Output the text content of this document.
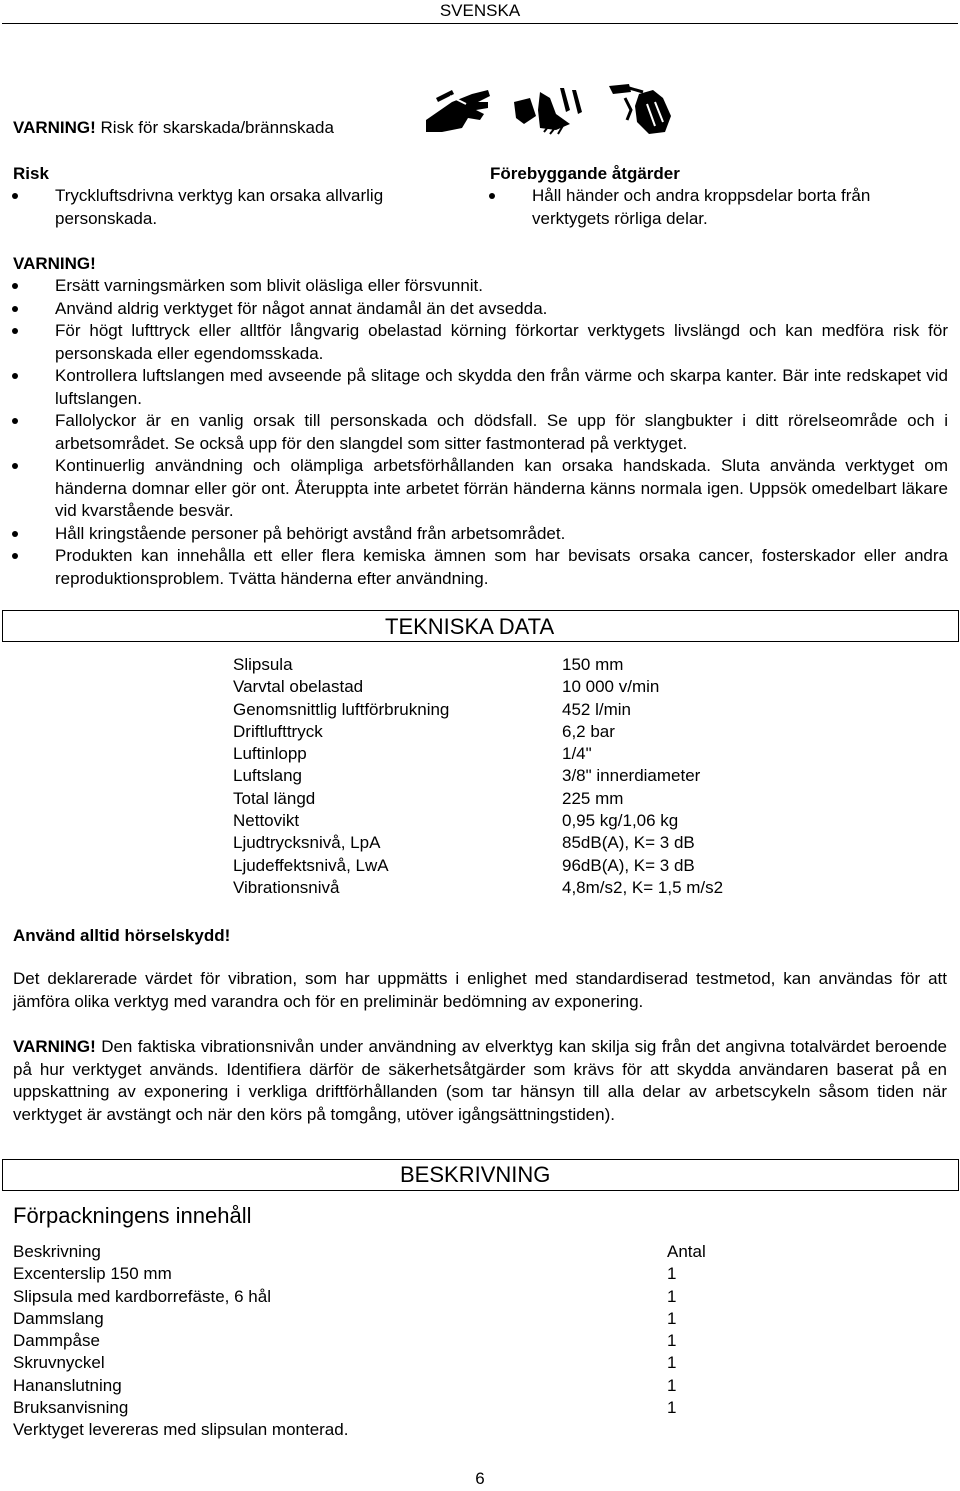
SVENSKA
VARNING! Risk för skarskada/brännskada
Risk
Tryckluftsdrivna verktyg kan orsaka allvarlig personskada.
Förebyggande åtgärder
Håll händer och andra kroppsdelar borta från verktygets rörliga delar.
VARNING!
Ersätt varningsmärken som blivit oläsliga eller försvunnit.
Använd aldrig verktyget för något annat ändamål än det avsedda.
För högt lufttryck eller alltför långvarig obelastad körning förkortar verktygets livslängd och kan medföra risk för personskada eller egendomsskada.
Kontrollera luftslangen med avseende på slitage och skydda den från värme och skarpa kanter. Bär inte redskapet vid luftslangen.
Fallolyckor är en vanlig orsak till personskada och dödsfall. Se upp för slangbukter i ditt rörelseområde och i arbetsområdet. Se också upp för den slangdel som sitter fastmonterad på verktyget.
Kontinuerlig användning och olämpliga arbetsförhållanden kan orsaka handskada. Sluta använda verktyget om händerna domnar eller gör ont. Återuppta inte arbetet förrän händerna känns normala igen. Uppsök omedelbart läkare vid kvarstående besvär.
Håll kringstående personer på behörigt avstånd från arbetsområdet.
Produkten kan innehålla ett eller flera kemiska ämnen som har bevisats orsaka cancer, fosterskador eller andra reproduktionsproblem. Tvätta händerna efter användning.
TEKNISKA DATA
Slipsula	150 mm
Varvtal obelastad	10 000 v/min
Genomsnittlig luftförbrukning	452 l/min
Driftlufttryck	6,2 bar
Luftinlopp	1/4"
Luftslang	3/8" innerdiameter
Total längd	225 mm
Nettovikt	0,95 kg/1,06 kg
Ljudtrycksnivå, LpA	85dB(A), K= 3 dB
Ljudeffektsnivå, LwA	96dB(A), K= 3 dB
Vibrationsnivå	4,8m/s2, K= 1,5 m/s2
Använd alltid hörselskydd!
Det deklarerade värdet för vibration, som har uppmätts i enlighet med standardiserad testmetod, kan användas för att jämföra olika verktyg med varandra och för en preliminär bedömning av exponering.
VARNING! Den faktiska vibrationsnivån under användning av elverktyg kan skilja sig från det angivna totalvärdet beroende på hur verktyget används. Identifiera därför de säkerhetsåtgärder som krävs för att skydda användaren baserat på en uppskattning av exponering i verkliga driftförhållanden (som tar hänsyn till alla delar av arbetscykeln såsom tiden när verktyget är avstängt och när den körs på tomgång, utöver igångsättningstiden).
BESKRIVNING
Förpackningens innehåll
Beskrivning	Antal
Excenterslip 150 mm	1
Slipsula med kardborrefäste, 6 hål	1
Dammslang	1
Dammpåse	1
Skruvnyckel	1
Hananslutning	1
Bruksanvisning	1
Verktyget levereras med slipsulan monterad.
6
